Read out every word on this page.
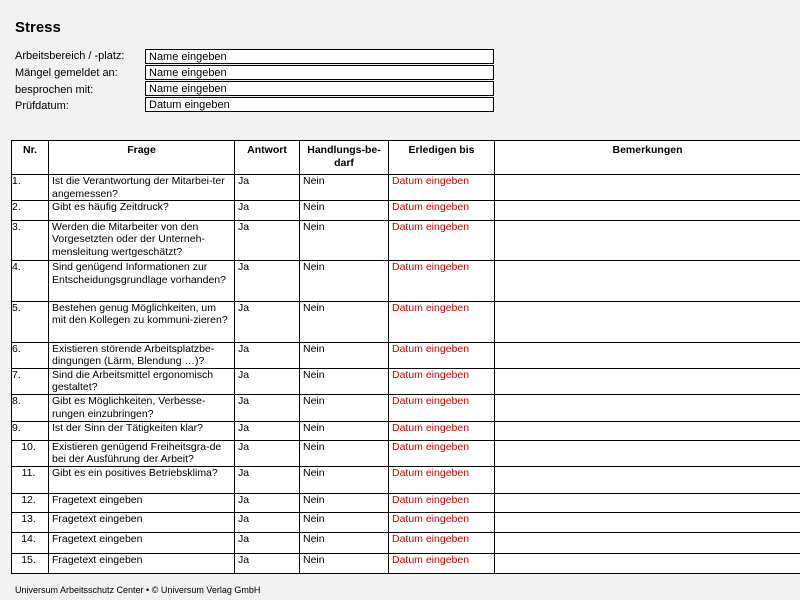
Stress
Arbeitsbereich / -platz:	Name eingeben
Mängel gemeldet an:	Name eingeben
besprochen mit:	Name eingeben
Prüfdatum:	Datum eingeben
Nr.	Frage	Antwort	Handlungs-be-darf	Erledigen bis	Bemerkungen
1.	Ist die Verantwortung der Mitarbei-ter angemessen?	Ja	Nein	Datum eingeben	
2.	Gibt es häufig Zeitdruck?	Ja	Nein	Datum eingeben	
3.	Werden die Mitarbeiter von den Vorgesetzten oder der Unterneh-mensleitung wertgeschätzt?	Ja	Nein	Datum eingeben	
4.	Sind genügend Informationen zur Entscheidungsgrundlage vorhanden?	Ja	Nein	Datum eingeben	
5.	Bestehen genug Möglichkeiten, um mit den Kollegen zu kommuni-zieren?	Ja	Nein	Datum eingeben	
6.	Existieren störende Arbeitsplatzbe-dingungen (Lärm, Blendung …)?	Ja	Nein	Datum eingeben	
7.	Sind die Arbeitsmittel ergonomisch gestaltet?	Ja	Nein	Datum eingeben	
8.	Gibt es Möglichkeiten, Verbesse-rungen einzubringen?	Ja	Nein	Datum eingeben	
9.	Ist der Sinn der Tätigkeiten klar?	Ja	Nein	Datum eingeben	
10.	Existieren genügend Freiheitsgra-de bei der Ausführung der Arbeit?	Ja	Nein	Datum eingeben	
11.	Gibt es ein positives Betriebsklima?	Ja	Nein	Datum eingeben	
12.	Fragetext eingeben	Ja	Nein	Datum eingeben	
13.	Fragetext eingeben	Ja	Nein	Datum eingeben	
14.	Fragetext eingeben	Ja	Nein	Datum eingeben	
15.	Fragetext eingeben	Ja	Nein	Datum eingeben	
Universum Arbeitsschutz Center • © Universum Verlag GmbH
